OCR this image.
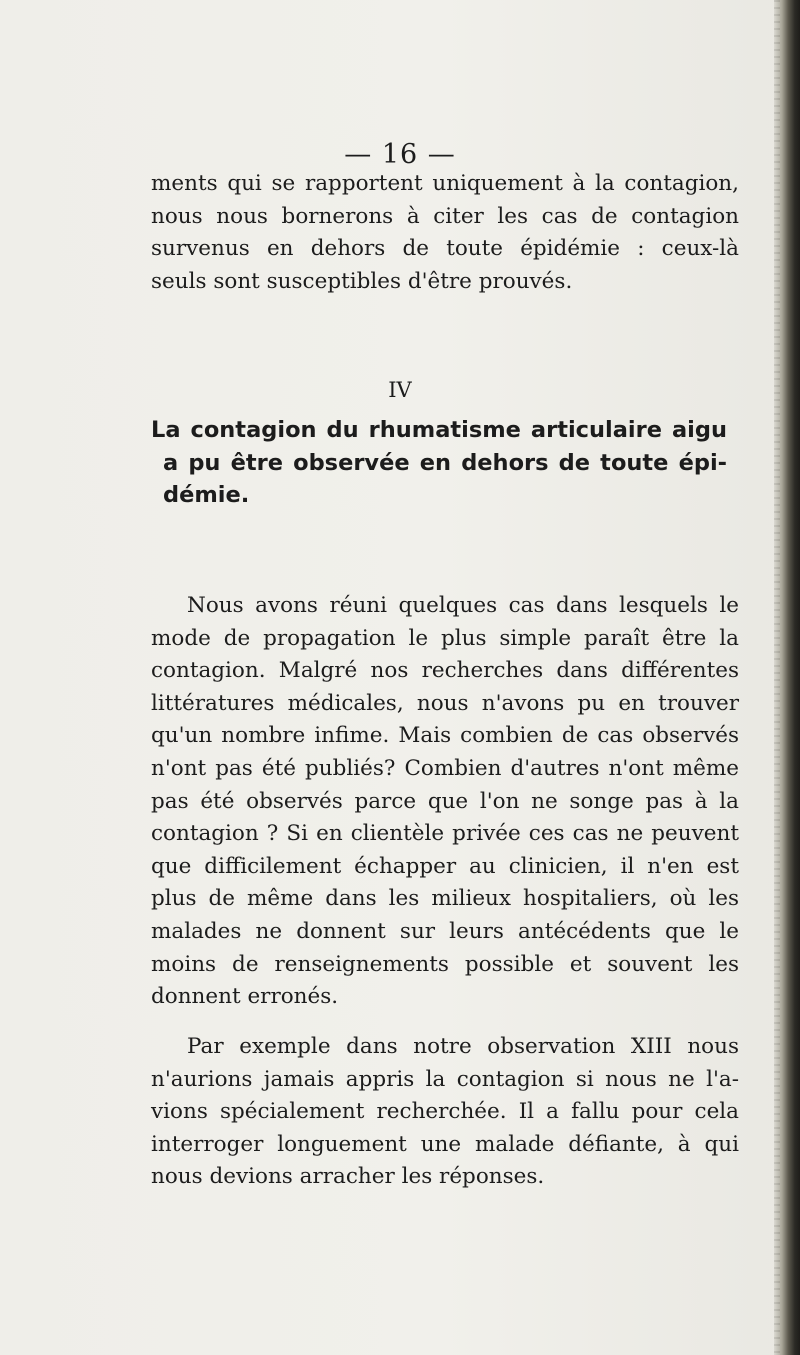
— 16 —
ments qui se rapportent uniquement à la contagion,
nous nous bornerons à citer les cas de contagion
survenus en dehors de toute épidémie : ceux-là
seuls sont susceptibles d'être prouvés.
IV
La contagion du rhumatisme articulaire aigu
a pu être observée en dehors de toute épi-
démie.
Nous avons réuni quelques cas dans lesquels le
mode de propagation le plus simple paraît être la
contagion. Malgré nos recherches dans différentes
littératures médicales, nous n'avons pu en trouver
qu'un nombre infime. Mais combien de cas observés
n'ont pas été publiés? Combien d'autres n'ont même
pas été observés parce que l'on ne songe pas à la
contagion ? Si en clientèle privée ces cas ne peuvent
que difficilement échapper au clinicien, il n'en est
plus de même dans les milieux hospitaliers, où les
malades ne donnent sur leurs antécédents que le
moins de renseignements possible et souvent les
donnent erronés.
Par exemple dans notre observation XIII nous
n'aurions jamais appris la contagion si nous ne l'a-
vions spécialement recherchée. Il a fallu pour cela
interroger longuement une malade défiante, à qui
nous devions arracher les réponses.
